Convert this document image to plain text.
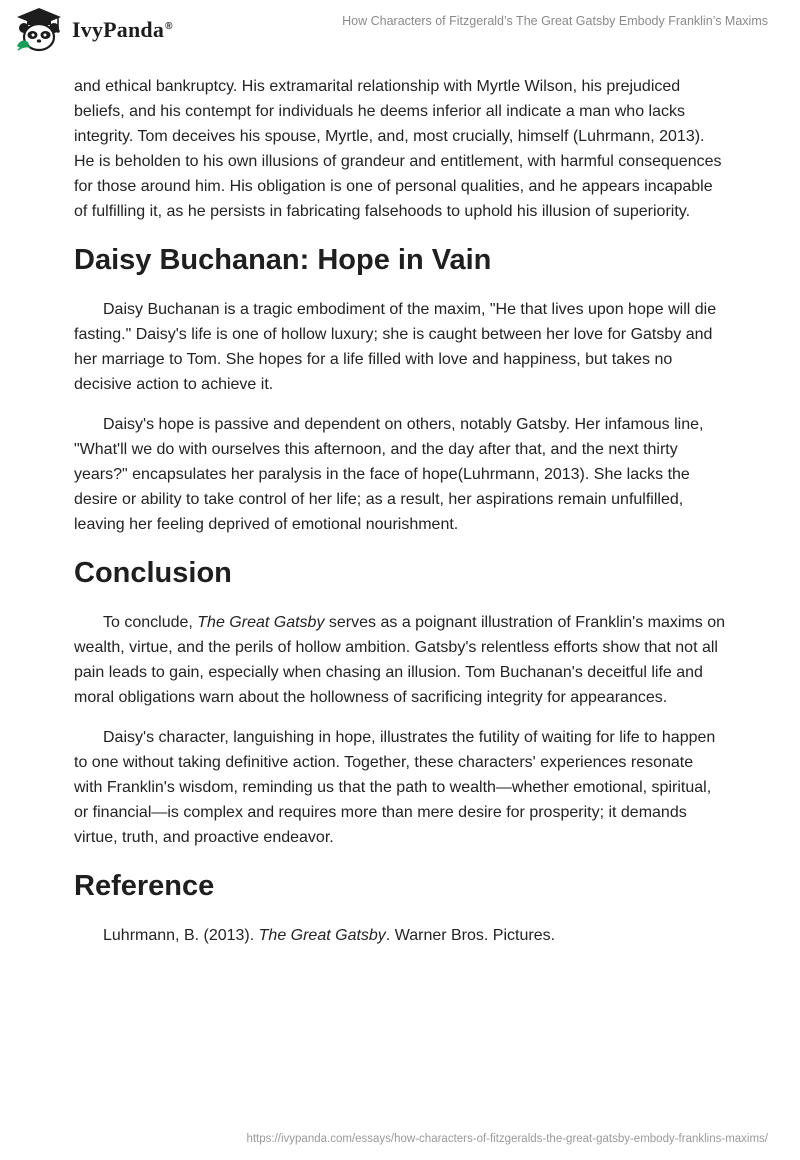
IvyPanda®	How Characters of Fitzgerald’s The Great Gatsby Embody Franklin’s Maxims

and ethical bankruptcy. His extramarital relationship with Myrtle Wilson, his prejudiced beliefs, and his contempt for individuals he deems inferior all indicate a man who lacks integrity. Tom deceives his spouse, Myrtle, and, most crucially, himself (Luhrmann, 2013). He is beholden to his own illusions of grandeur and entitlement, with harmful consequences for those around him. His obligation is one of personal qualities, and he appears incapable of fulfilling it, as he persists in fabricating falsehoods to uphold his illusion of superiority.

Daisy Buchanan: Hope in Vain

Daisy Buchanan is a tragic embodiment of the maxim, "He that lives upon hope will die fasting." Daisy's life is one of hollow luxury; she is caught between her love for Gatsby and her marriage to Tom. She hopes for a life filled with love and happiness, but takes no decisive action to achieve it.

Daisy's hope is passive and dependent on others, notably Gatsby. Her infamous line, "What'll we do with ourselves this afternoon, and the day after that, and the next thirty years?" encapsulates her paralysis in the face of hope(Luhrmann, 2013). She lacks the desire or ability to take control of her life; as a result, her aspirations remain unfulfilled, leaving her feeling deprived of emotional nourishment.

Conclusion

To conclude, The Great Gatsby serves as a poignant illustration of Franklin's maxims on wealth, virtue, and the perils of hollow ambition. Gatsby's relentless efforts show that not all pain leads to gain, especially when chasing an illusion. Tom Buchanan's deceitful life and moral obligations warn about the hollowness of sacrificing integrity for appearances.

Daisy's character, languishing in hope, illustrates the futility of waiting for life to happen to one without taking definitive action. Together, these characters' experiences resonate with Franklin's wisdom, reminding us that the path to wealth—whether emotional, spiritual, or financial—is complex and requires more than mere desire for prosperity; it demands virtue, truth, and proactive endeavor.

Reference

Luhrmann, B. (2013). The Great Gatsby. Warner Bros. Pictures.

https://ivypanda.com/essays/how-characters-of-fitzgeralds-the-great-gatsby-embody-franklins-maxims/
